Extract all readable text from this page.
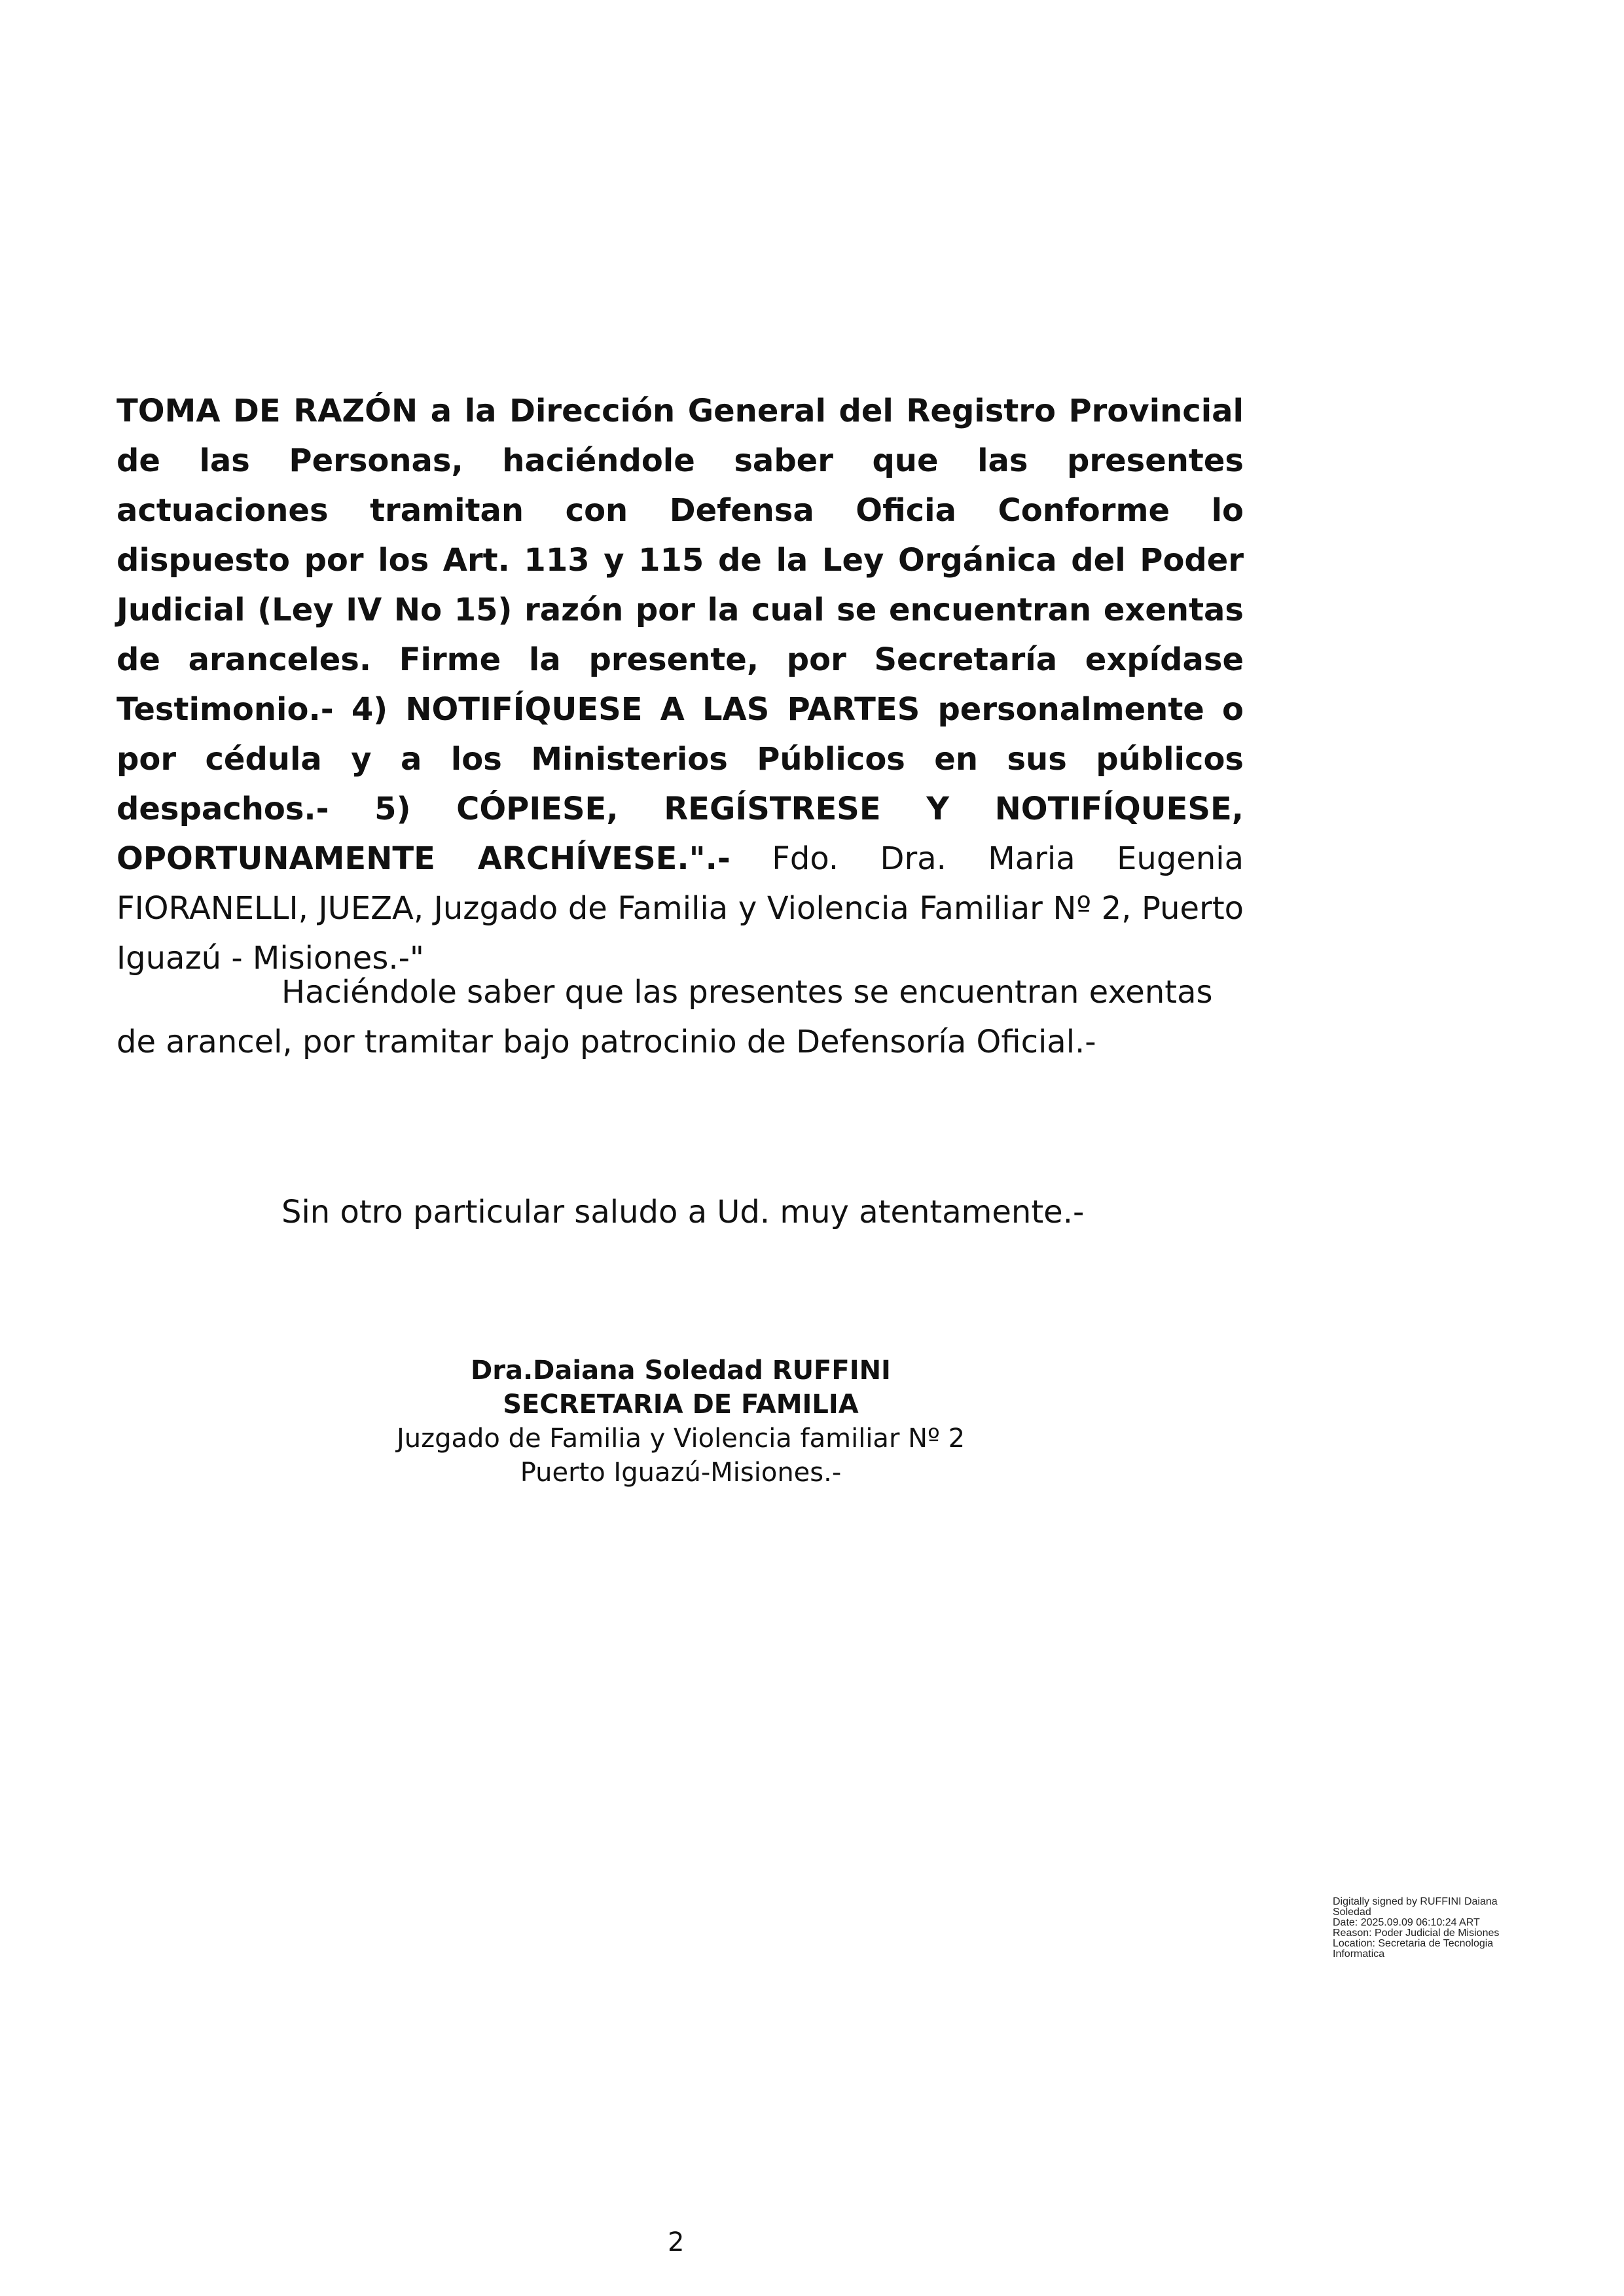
TOMA DE RAZÓN a la Dirección General del Registro Provincial de las Personas, haciéndole saber que las presentes actuaciones tramitan con Defensa Oficia Conforme lo dispuesto por los Art. 113 y 115 de la Ley Orgánica del Poder Judicial (Ley IV No 15) razón por la cual se encuentran exentas de aranceles. Firme la presente, por Secretaría expídase Testimonio.- 4) NOTIFÍQUESE A LAS PARTES personalmente o por cédula y a los Ministerios Públicos en sus públicos despachos.- 5) CÓPIESE, REGÍSTRESE Y NOTIFÍQUESE, OPORTUNAMENTE ARCHÍVESE.".- Fdo. Dra. Maria Eugenia FIORANELLI, JUEZA, Juzgado de Familia y Violencia Familiar Nº 2, Puerto Iguazú - Misiones.-"

Haciéndole saber que las presentes se encuentran exentas de arancel, por tramitar bajo patrocinio de Defensoría Oficial.-

Sin otro particular saludo a Ud. muy atentamente.-

Dra.Daiana Soledad RUFFINI
SECRETARIA DE FAMILIA
Juzgado de Familia y Violencia familiar Nº 2
Puerto Iguazú-Misiones.-
Digitally signed by RUFFINI Daiana
Soledad
Date: 2025.09.09 06:10:24 ART
Reason: Poder Judicial de Misiones
Location: Secretaria de Tecnologia
Informatica
2
